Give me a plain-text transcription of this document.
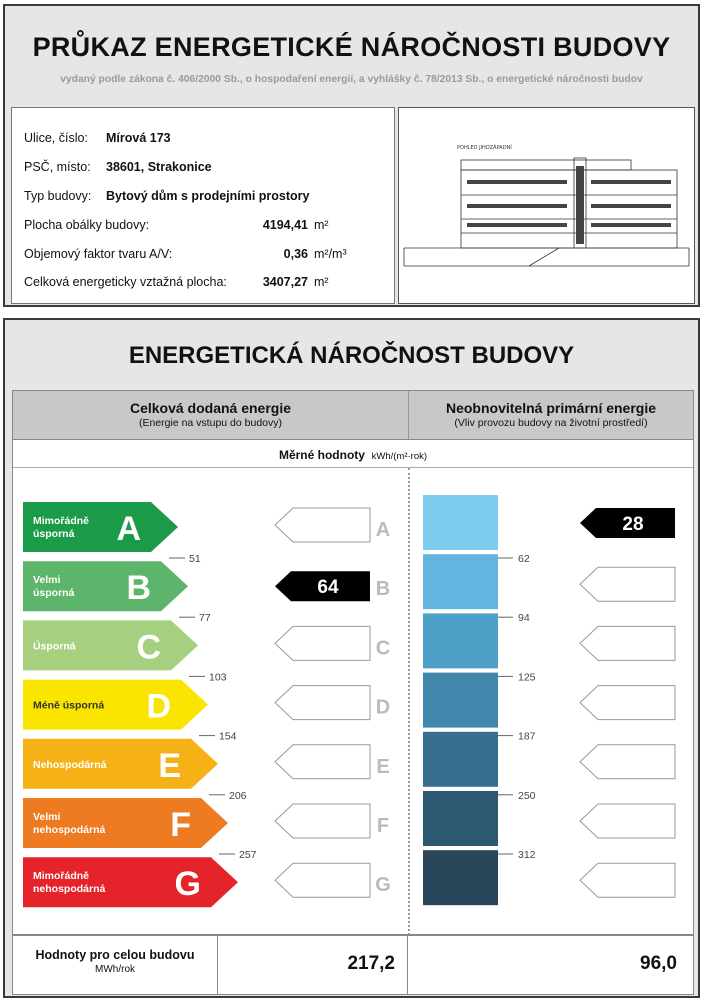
PRŮKAZ ENERGETICKÉ NÁROČNOSTI BUDOVY
vydaný podle zákona č. 406/2000 Sb., o hospodaření energií, a vyhlášky č. 78/2013 Sb., o energetické náročnosti budov
Ulice, číslo: Mírová 173
PSČ, místo: 38601, Strakonice
Typ budovy: Bytový dům s prodejními prostory
Plocha obálky budovy:	4194,41 m²
Objemový faktor tvaru A/V:	0,36 m²/m³
Celková energeticky vztažná plocha:	3407,27 m²
POHLED JIHOZÁPADNÍ
ENERGETICKÁ NÁROČNOST BUDOVY
Celková dodaná energie
(Energie na vstupu do budovy)
Neobnovitelná primární energie
(Vliv provozu budovy na životní prostředí)
Měrné hodnoty kWh/(m²·rok)
Mimořádně
úsporná A	A
Velmi
úsporná B	B
Úsporná C	C
Méně úsporná D	D
Nehospodárná E	E
Velmi
nehospodárná F	F
Mimořádně
nehospodárná G	G
51
77
103
154
206
257
62
94
125
187
250
312
64
28
Hodnoty pro celou budovu
MWh/rok	217,2	96,0
